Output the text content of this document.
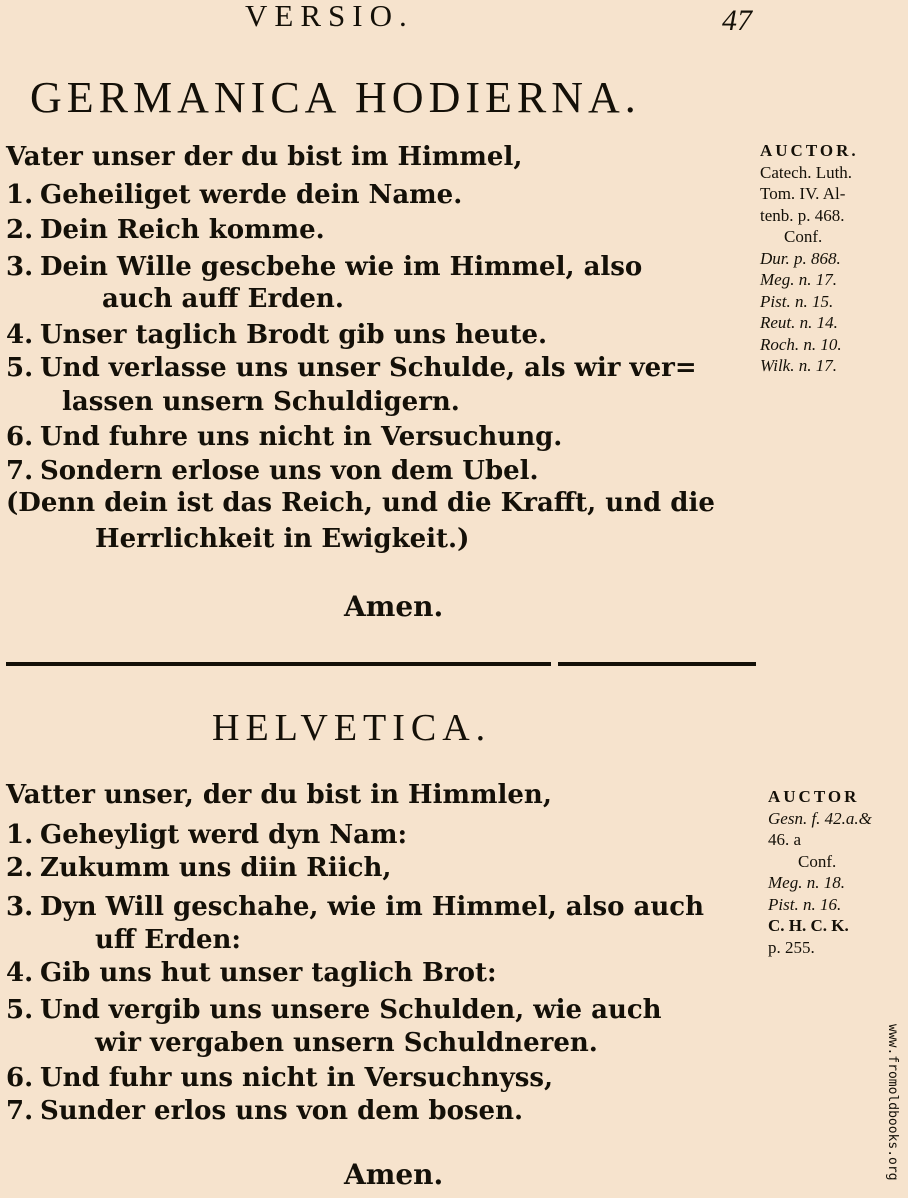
VERSIO.	47
GERMANICA HODIERNA.
Vater unser der du bist im Himmel,
1. Geheiliget werde dein Name.
2. Dein Reich komme.
3. Dein Wille gescbehe wie im Himmel, also
auch auff Erden.
4. Unser taglich Brodt gib uns heute.
5. Und verlasse uns unser Schulde, als wir ver=
lassen unsern Schuldigern.
6. Und fuhre uns nicht in Versuchung.
7. Sondern erlose uns von dem Ubel.
(Denn dein ist das Reich, und die Krafft, und die
Herrlichkeit in Ewigkeit.)
Amen.
AUCTOR.
Catech. Luth.
Tom. IV. Al-
tenb. p. 468.
Conf.
Dur. p. 868.
Meg. n. 17.
Pist. n. 15.
Reut. n. 14.
Roch. n. 10.
Wilk. n. 17.
HELVETICA.
Vatter unser, der du bist in Himmlen,
1. Geheyligt werd dyn Nam:
2. Zukumm uns diin Riich,
3. Dyn Will geschahe, wie im Himmel, also auch
uff Erden:
4. Gib uns hut unser taglich Brot:
5. Und vergib uns unsere Schulden, wie auch
wir vergaben unsern Schuldneren.
6. Und fuhr uns nicht in Versuchnyss,
7. Sunder erlos uns von dem bosen.
Amen.
AUCTOR
Gesn. f. 42.a.&
46. a
Conf.
Meg. n. 18.
Pist. n. 16.
C. H. C. K.
p. 255.
www.fromoldbooks.org
